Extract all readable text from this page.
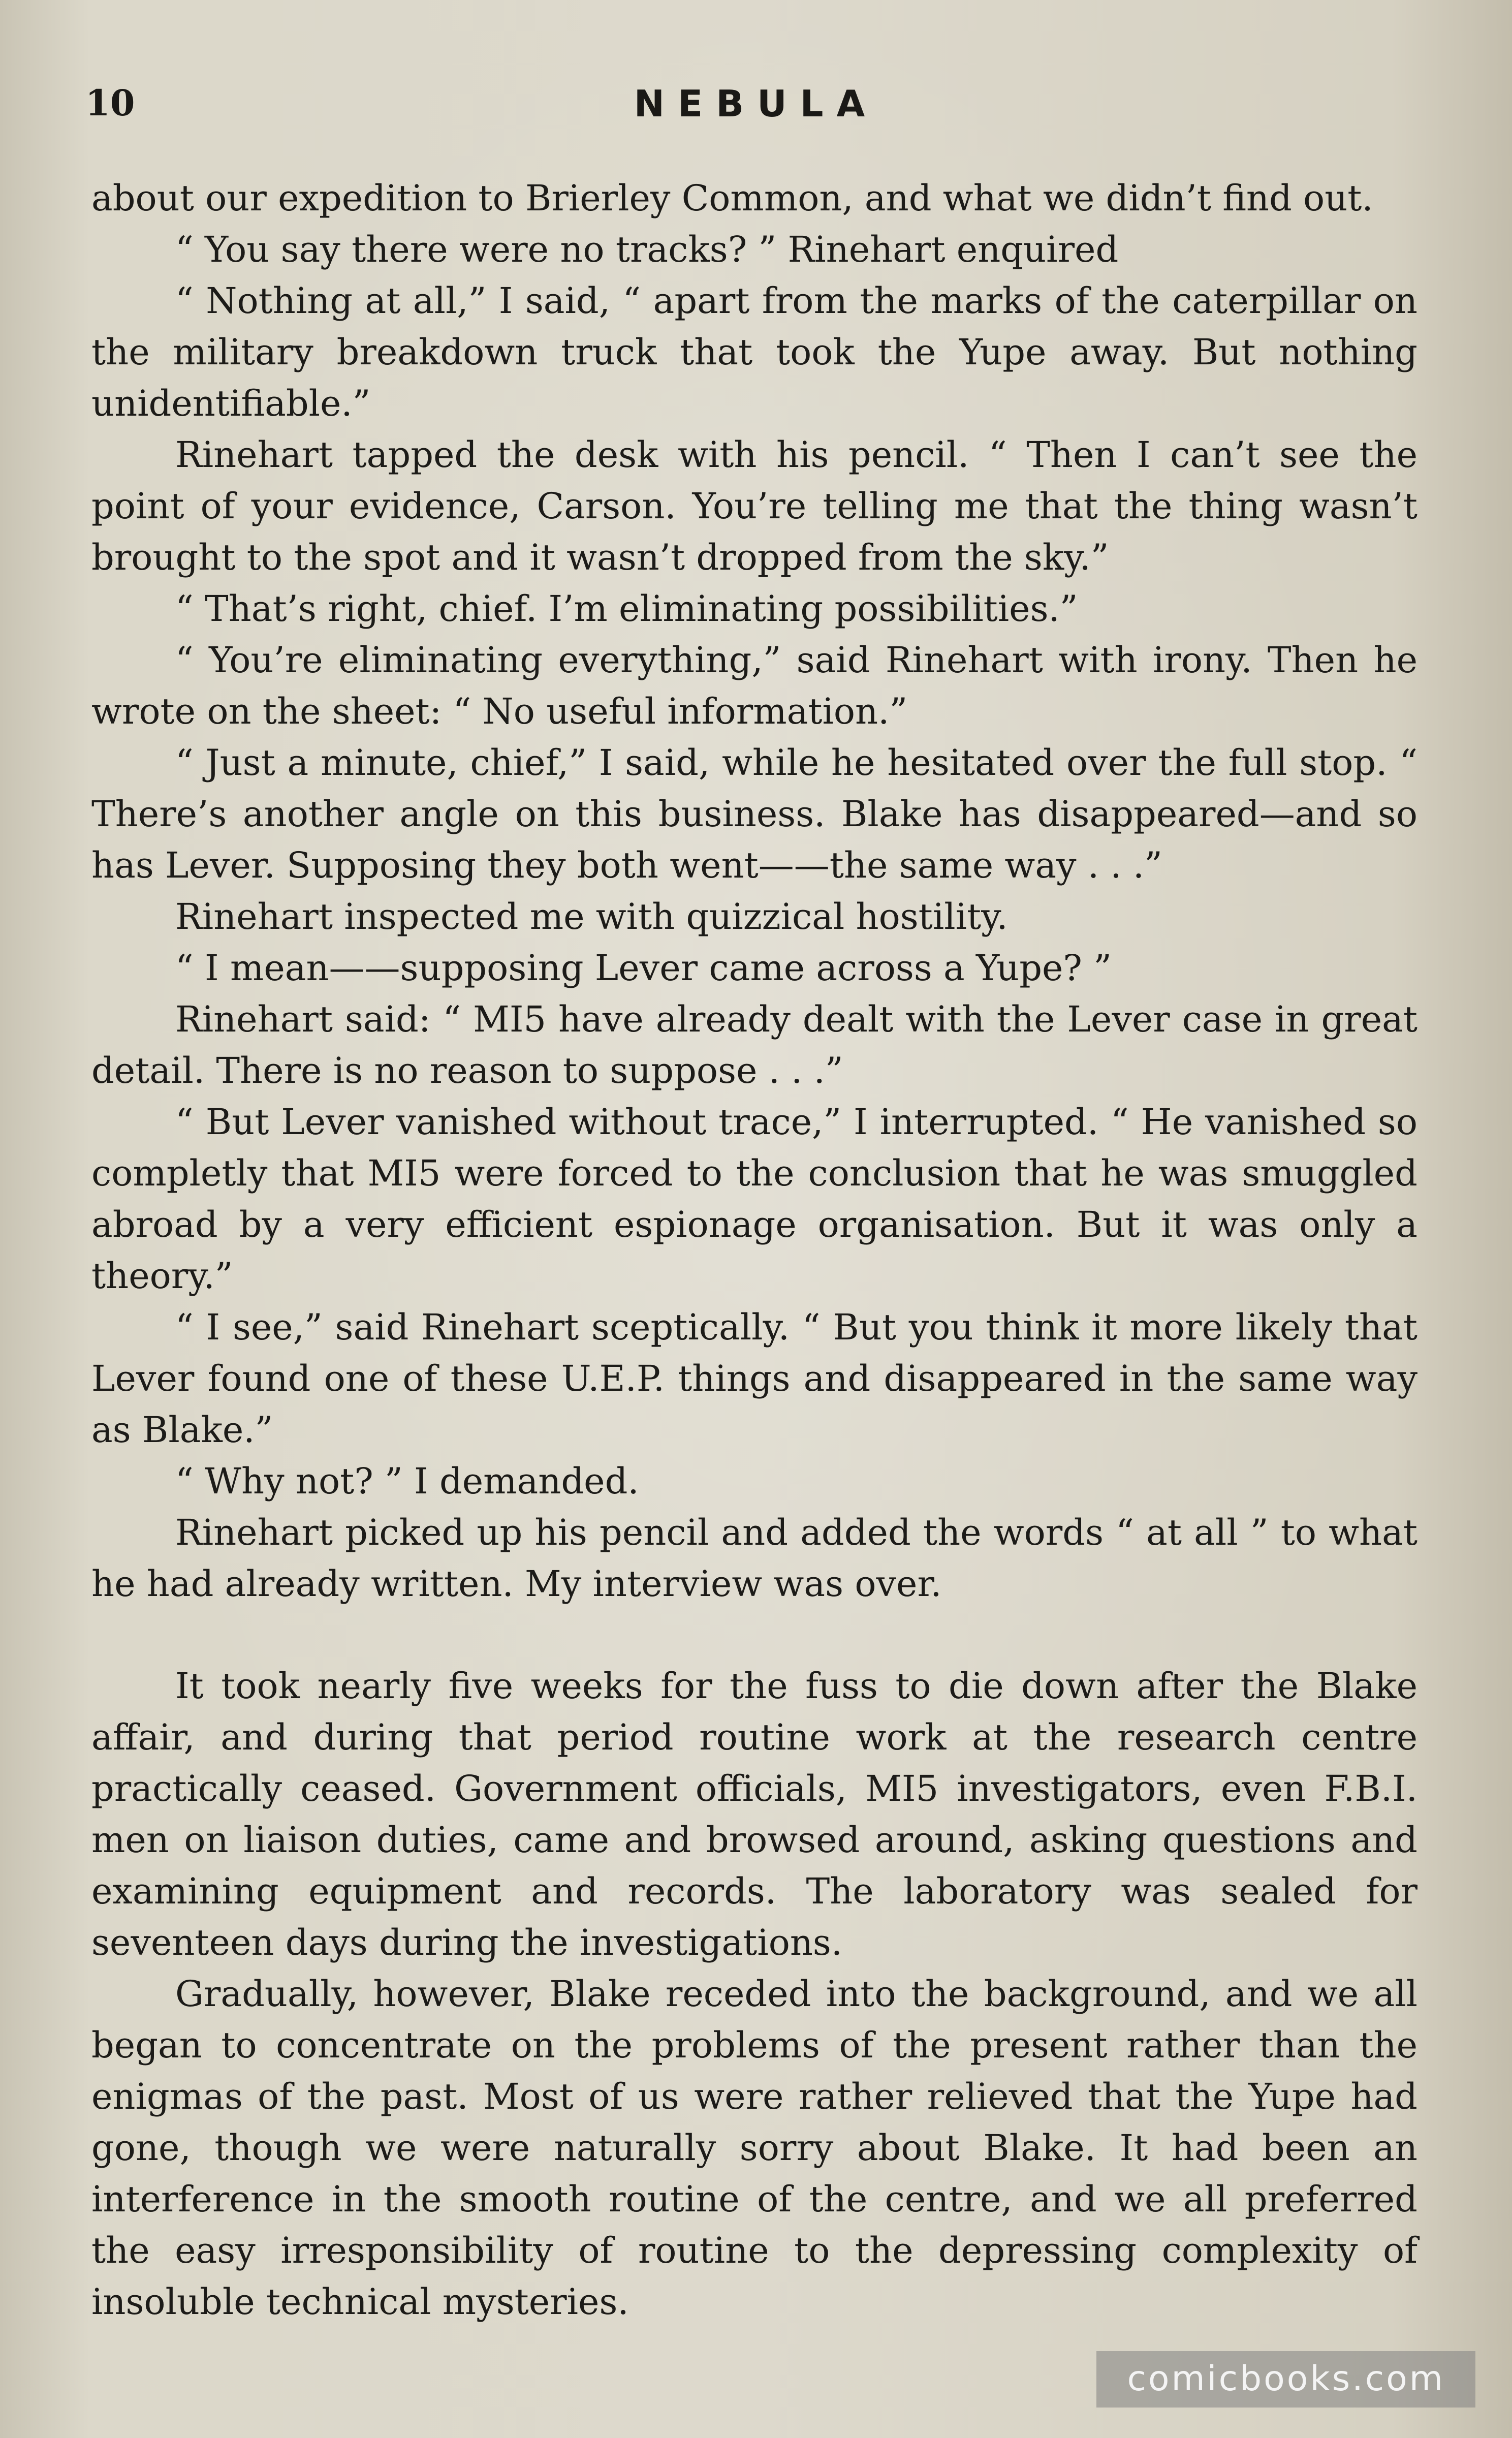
10	NEBULA

about our expedition to Brierley Common, and what we didn’t find out.

“ You say there were no tracks? ” Rinehart enquired

“ Nothing at all,” I said, “ apart from the marks of the caterpillar on the military breakdown truck that took the Yupe away. But nothing unidentifiable.”

Rinehart tapped the desk with his pencil. “ Then I can’t see the point of your evidence, Carson. You’re telling me that the thing wasn’t brought to the spot and it wasn’t dropped from the sky.”

“ That’s right, chief. I’m eliminating possibilities.”

“ You’re eliminating everything,” said Rinehart with irony. Then he wrote on the sheet: “ No useful information.”

“ Just a minute, chief,” I said, while he hesitated over the full stop. “ There’s another angle on this business. Blake has disappeared—and so has Lever. Supposing they both went——the same way . . .”

Rinehart inspected me with quizzical hostility.

“ I mean——supposing Lever came across a Yupe? ”

Rinehart said: “ MI5 have already dealt with the Lever case in great detail. There is no reason to suppose . . .”

“ But Lever vanished without trace,” I interrupted. “ He vanished so completly that MI5 were forced to the conclusion that he was smuggled abroad by a very efficient espionage organisation. But it was only a theory.”

“ I see,” said Rinehart sceptically. “ But you think it more likely that Lever found one of these U.E.P. things and disappeared in the same way as Blake.”

“ Why not? ” I demanded.

Rinehart picked up his pencil and added the words “ at all ” to what he had already written. My interview was over.

It took nearly five weeks for the fuss to die down after the Blake affair, and during that period routine work at the research centre practically ceased. Government officials, MI5 investigators, even F.B.I. men on liaison duties, came and browsed around, asking questions and examining equipment and records. The laboratory was sealed for seventeen days during the investigations.

Gradually, however, Blake receded into the background, and we all began to concentrate on the problems of the present rather than the enigmas of the past. Most of us were rather relieved that the Yupe had gone, though we were naturally sorry about Blake. It had been an interference in the smooth routine of the centre, and we all preferred the easy irresponsibility of routine to the depressing complexity of insoluble technical mysteries.

comicbooks.com
